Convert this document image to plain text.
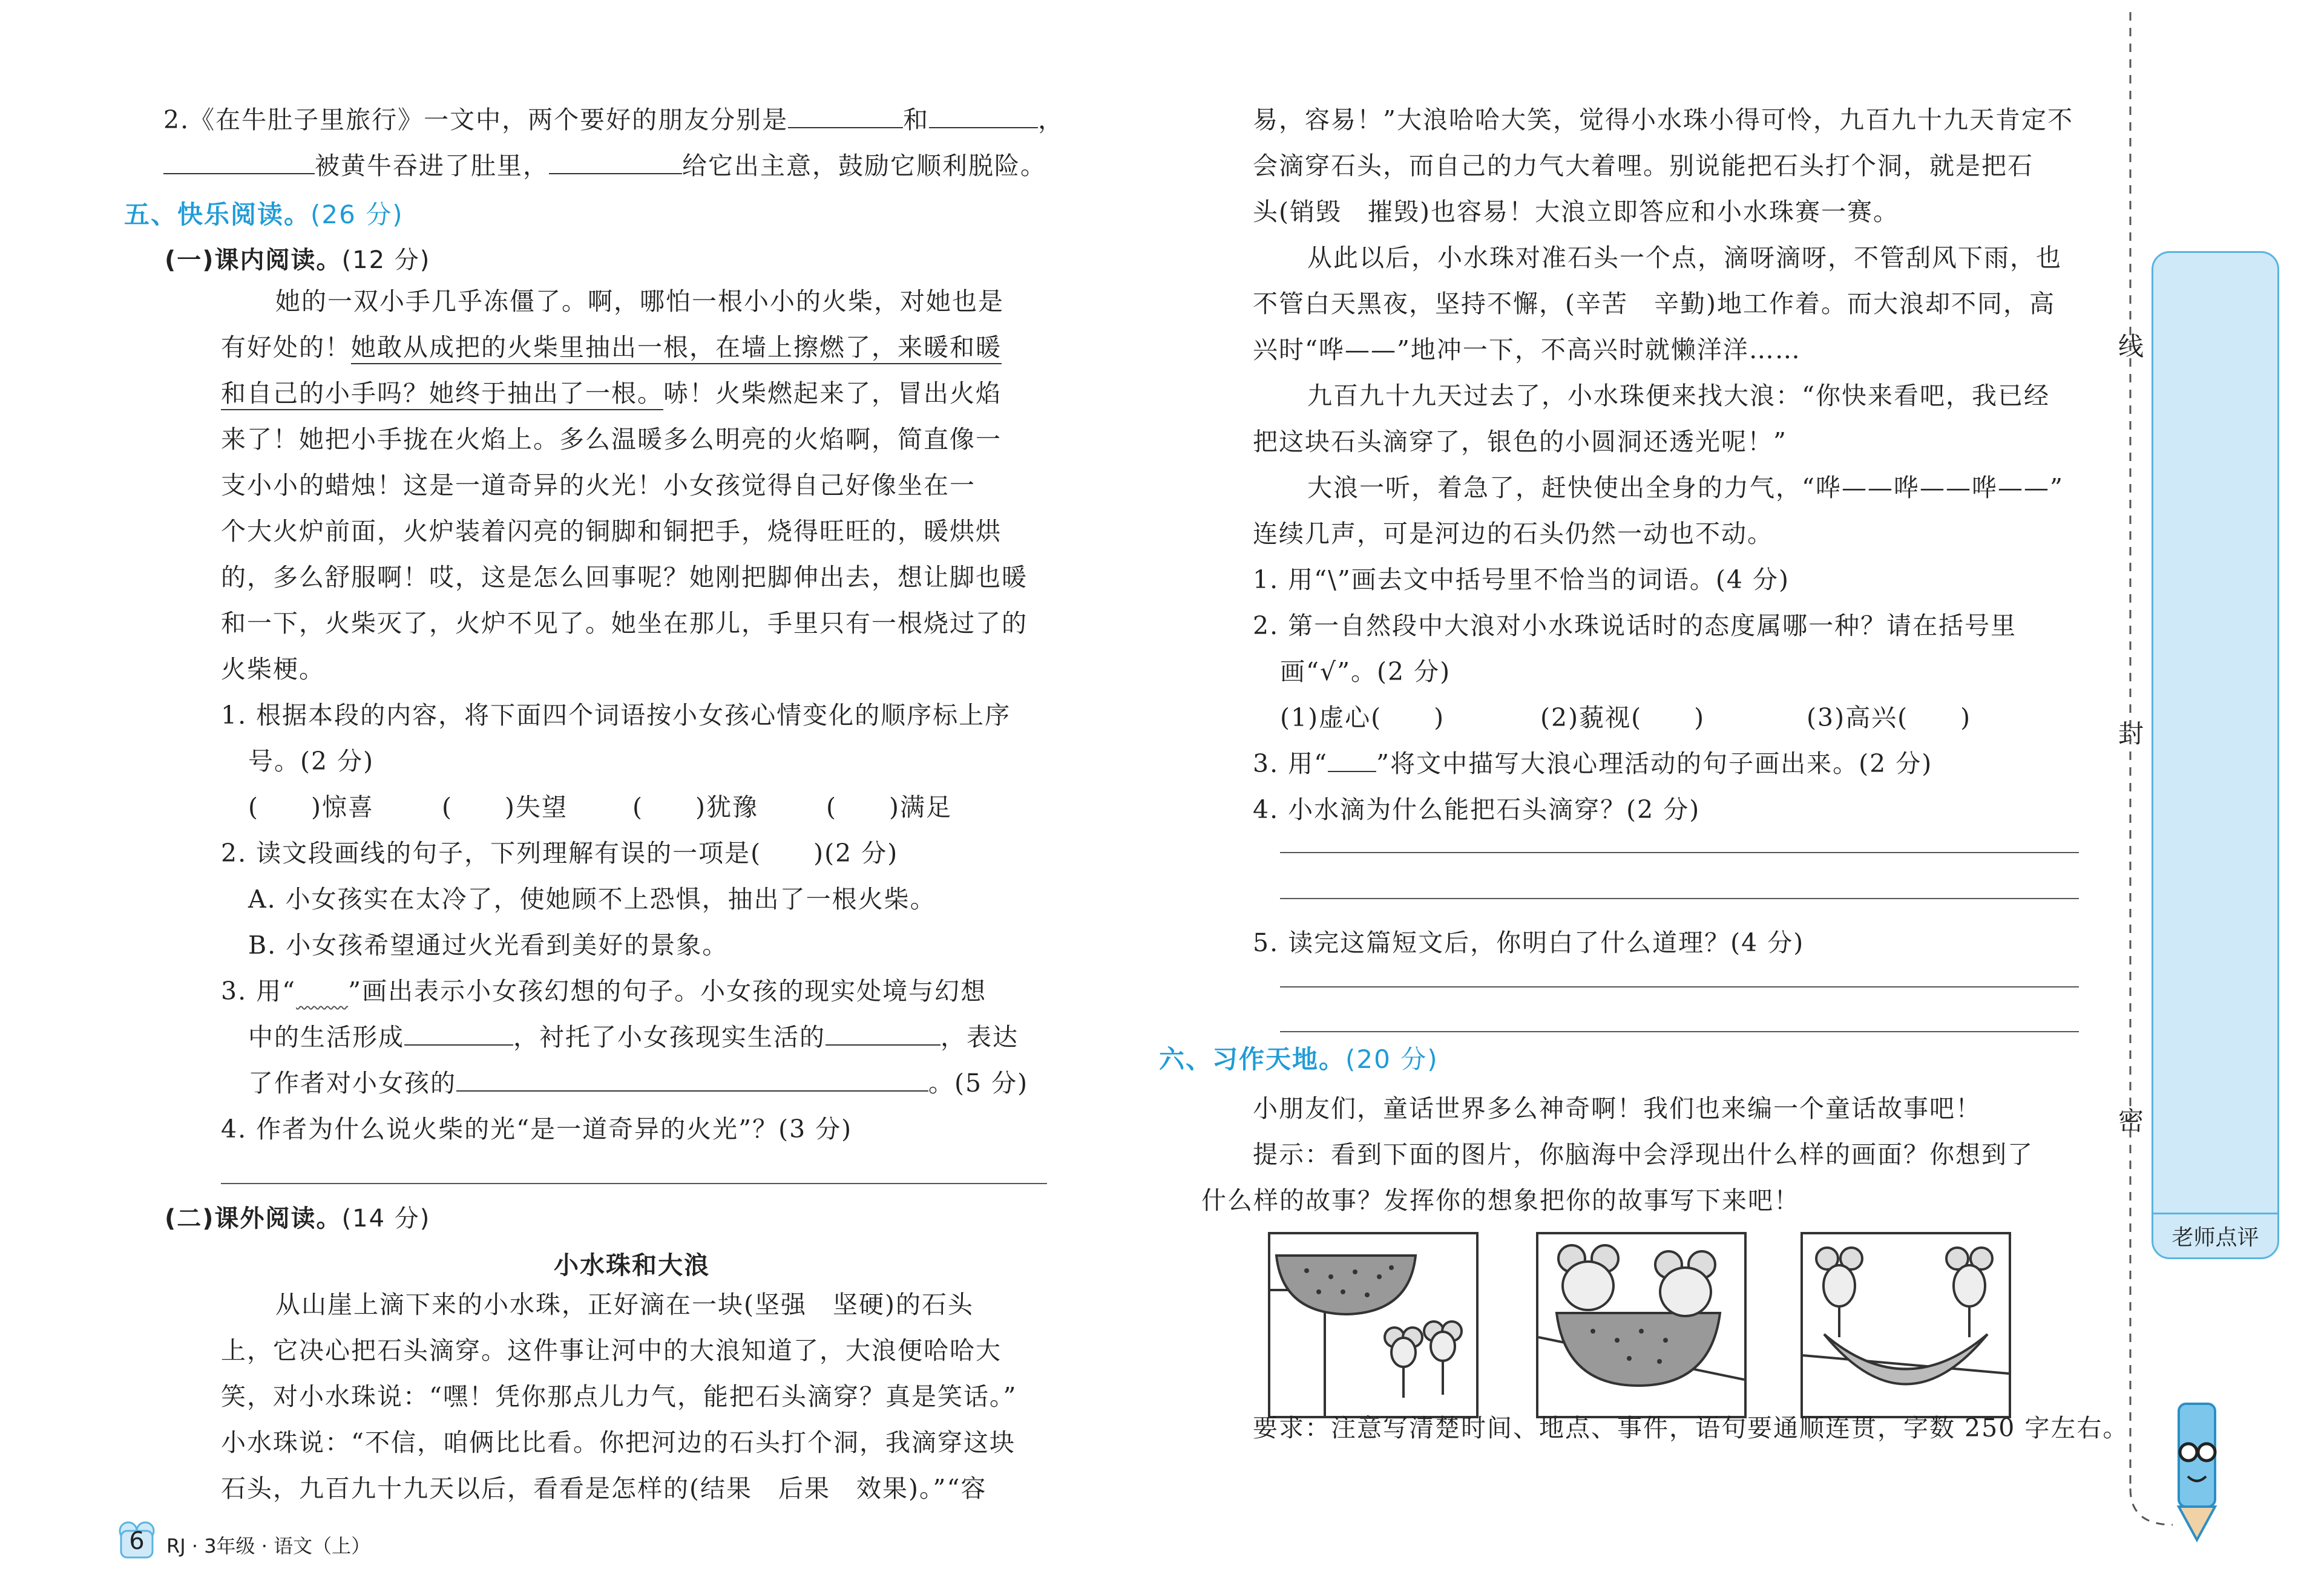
2.《在牛肚子里旅行》一文中，两个要好的朋友分别是	和	，
被黄牛吞进了肚里，	给它出主意，鼓励它顺利脱险。
五、快乐阅读。(26 分)
(一)课内阅读。(12 分)
她的一双小手几乎冻僵了。啊，哪怕一根小小的火柴，对她也是
有好处的！她敢从成把的火柴里抽出一根，在墙上擦燃了，来暖和暖
和自己的小手吗？她终于抽出了一根。哧！火柴燃起来了，冒出火焰
来了！她把小手拢在火焰上。多么温暖多么明亮的火焰啊，简直像一
支小小的蜡烛！这是一道奇异的火光！小女孩觉得自己好像坐在一
个大火炉前面，火炉装着闪亮的铜脚和铜把手，烧得旺旺的，暖烘烘
的，多么舒服啊！哎，这是怎么回事呢？她刚把脚伸出去，想让脚也暖
和一下，火柴灭了，火炉不见了。她坐在那儿，手里只有一根烧过了的
火柴梗。
1. 根据本段的内容，将下面四个词语按小女孩心情变化的顺序标上序
号。(2 分)
(　　)惊喜	(　　)失望	(　　)犹豫	(　　)满足
2. 读文段画线的句子，下列理解有误的一项是(　　)(2 分)
A. 小女孩实在太冷了，使她顾不上恐惧，抽出了一根火柴。
B. 小女孩希望通过火光看到美好的景象。
3. 用“　　 ”画出表示小女孩幻想的句子。小女孩的现实处境与幻想
中的生活形成	，衬托了小女孩现实生活的	，表达
了作者对小女孩的	。(5 分)
4. 作者为什么说火柴的光“是一道奇异的火光”？(3 分)
(二)课外阅读。(14 分)
小水珠和大浪
从山崖上滴下来的小水珠，正好滴在一块(坚强　坚硬)的石头
上，它决心把石头滴穿。这件事让河中的大浪知道了，大浪便哈哈大
笑，对小水珠说：“嘿！凭你那点儿力气，能把石头滴穿？真是笑话。”
小水珠说：“不信，咱俩比比看。你把河边的石头打个洞，我滴穿这块
石头，九百九十九天以后，看看是怎样的(结果　后果　效果)。”“容
6	RJ · 3年级 · 语文（上）
易，容易！”大浪哈哈大笑，觉得小水珠小得可怜，九百九十九天肯定不
会滴穿石头，而自己的力气大着哩。别说能把石头打个洞，就是把石
头(销毁　摧毁)也容易！大浪立即答应和小水珠赛一赛。
从此以后，小水珠对准石头一个点，滴呀滴呀，不管刮风下雨，也
不管白天黑夜，坚持不懈，(辛苦　辛勤)地工作着。而大浪却不同，高
兴时“哗——”地冲一下，不高兴时就懒洋洋……
九百九十九天过去了，小水珠便来找大浪：“你快来看吧，我已经
把这块石头滴穿了，银色的小圆洞还透光呢！”
大浪一听，着急了，赶快使出全身的力气，“哗——哗——哗——”
连续几声，可是河边的石头仍然一动也不动。
1. 用“\”画去文中括号里不恰当的词语。(4 分)
2. 第一自然段中大浪对小水珠说话时的态度属哪一种？请在括号里
画“√”。(2 分)
(1)虚心(　　)	(2)藐视(　　)	(3)高兴(　　)
3. 用“ ”将文中描写大浪心理活动的句子画出来。(2 分)
4. 小水滴为什么能把石头滴穿？(2 分)
5. 读完这篇短文后，你明白了什么道理？(4 分)
六、习作天地。(20 分)
小朋友们，童话世界多么神奇啊！我们也来编一个童话故事吧！
提示：看到下面的图片，你脑海中会浮现出什么样的画面？你想到了
什么样的故事？发挥你的想象把你的故事写下来吧！
要求：注意写清楚时间、地点、事件，语句要通顺连贯，字数 250 字左右。
线
封
密
老师点评
